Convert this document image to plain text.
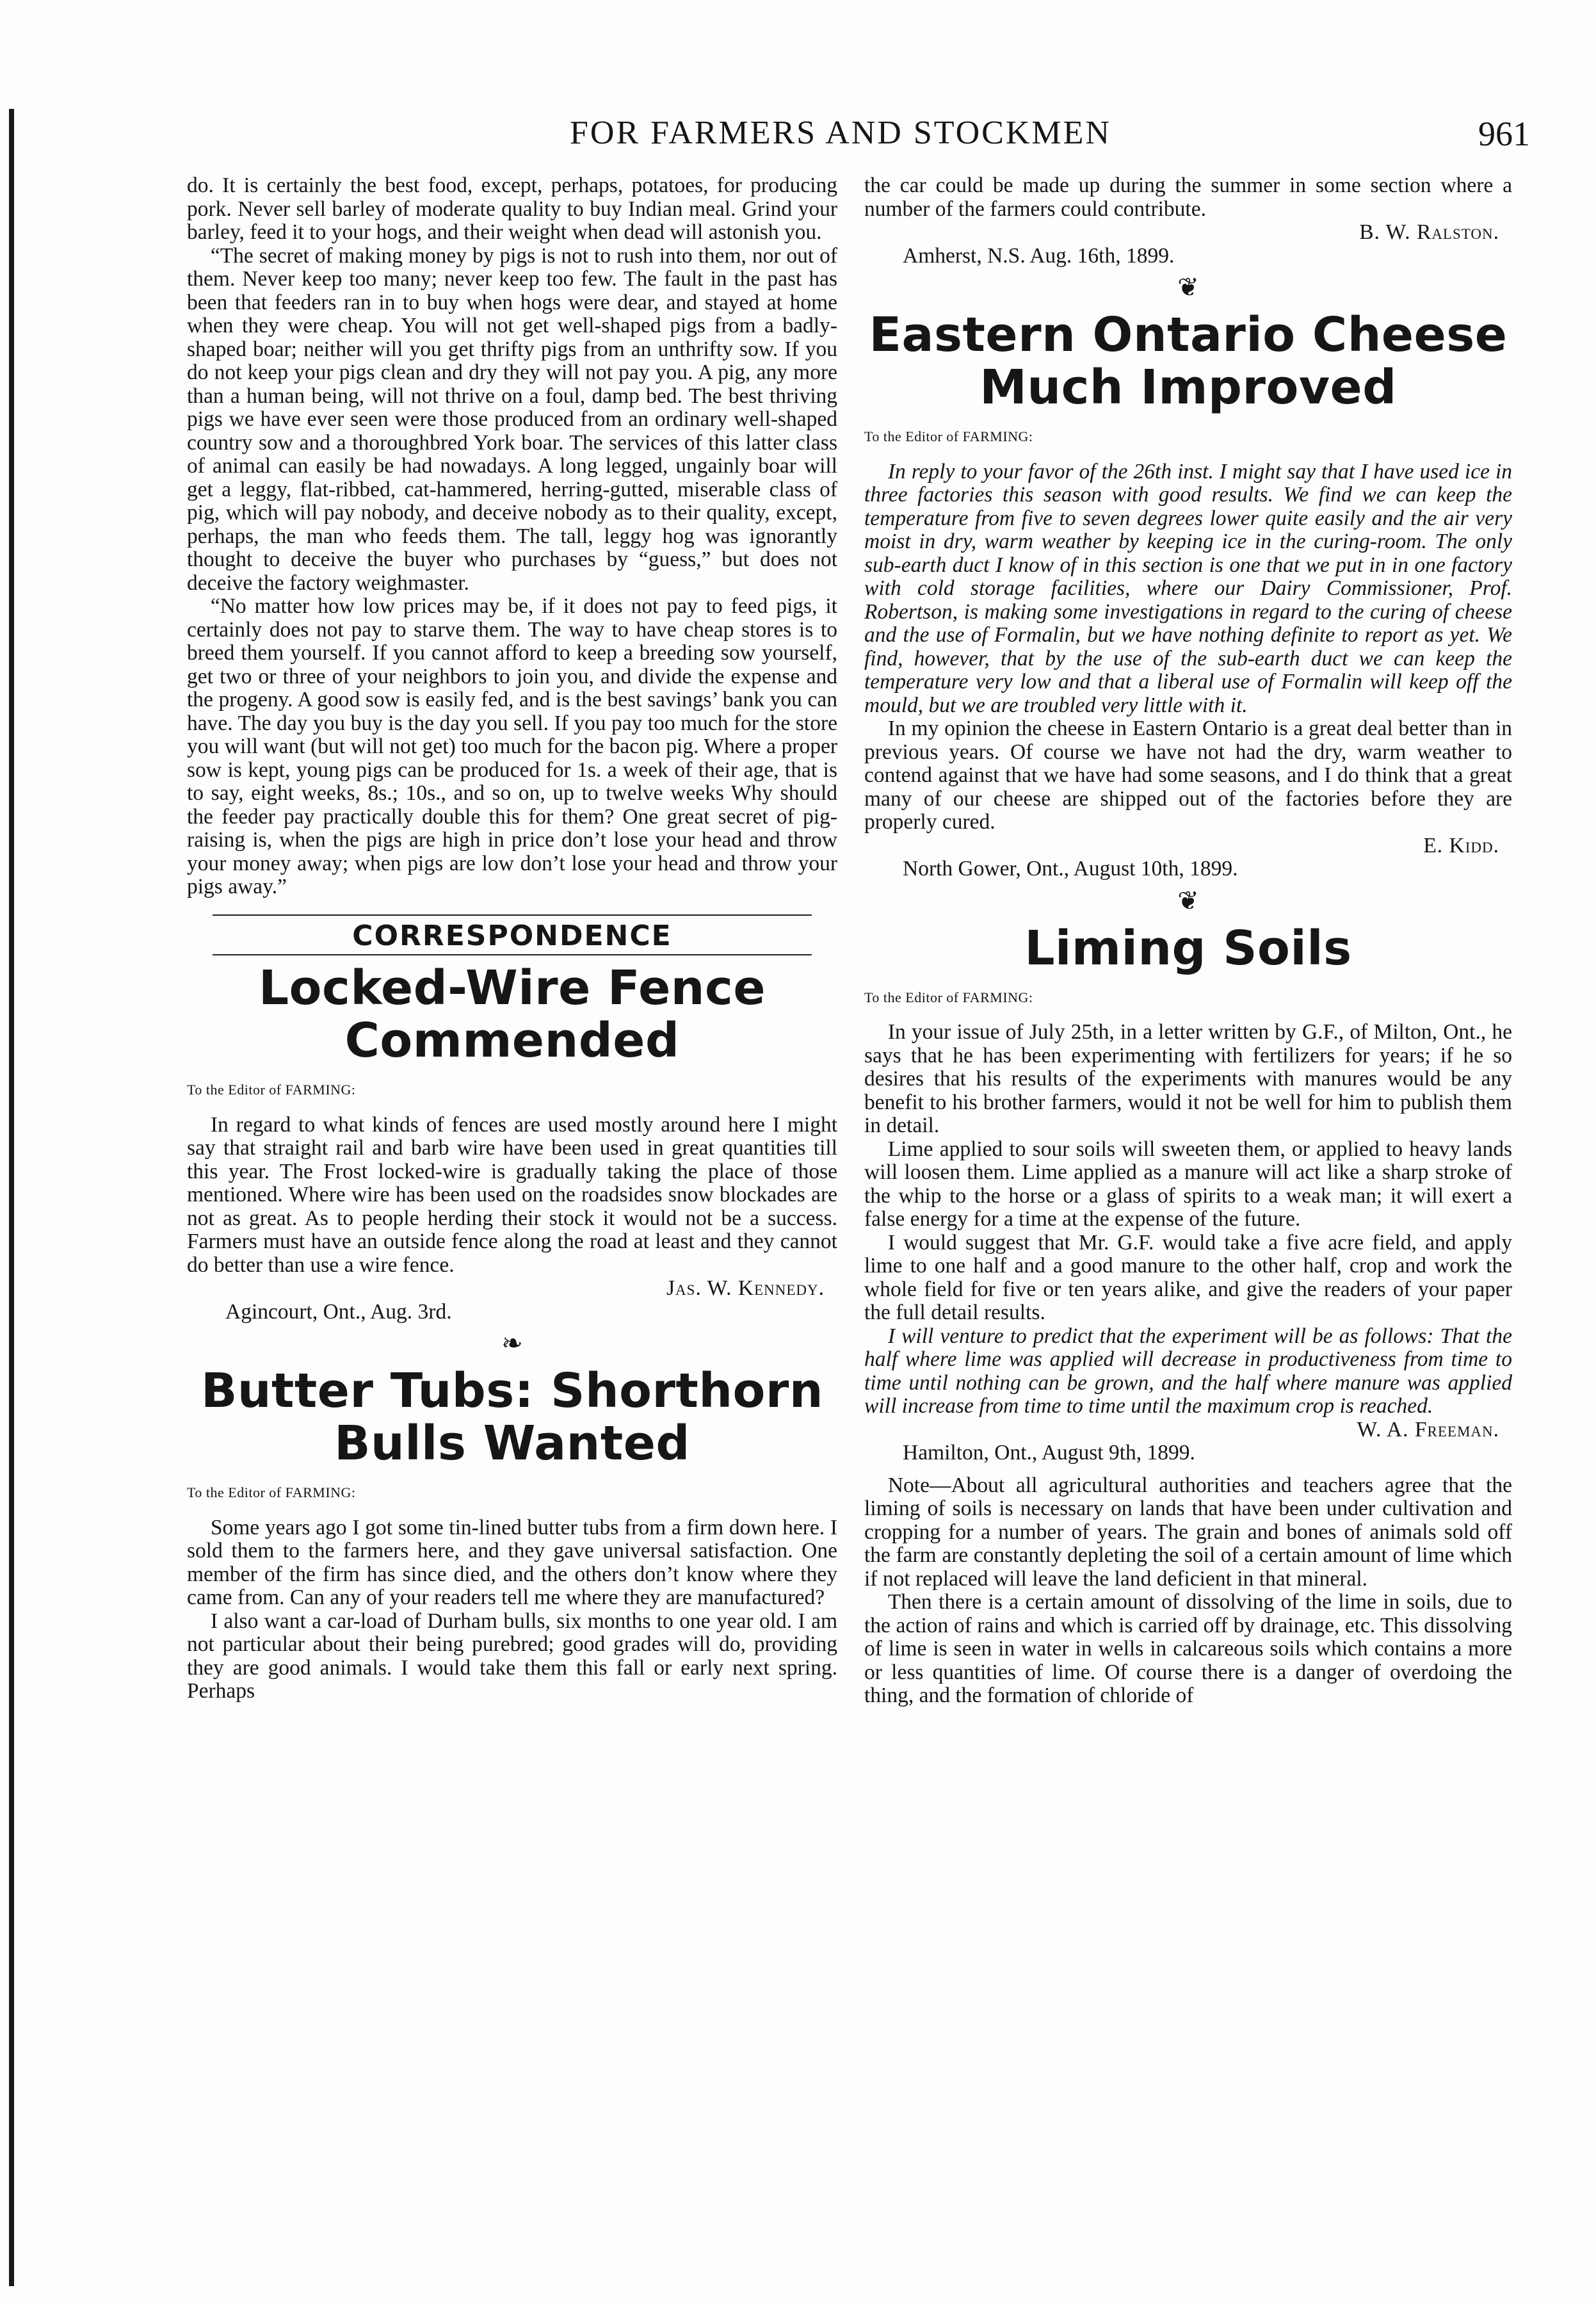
FOR FARMERS AND STOCKMEN	961

do. It is certainly the best food, except, perhaps, potatoes, for producing pork. Never sell barley of moderate quality to buy Indian meal. Grind your barley, feed it to your hogs, and their weight when dead will astonish you.

“The secret of making money by pigs is not to rush into them, nor out of them. Never keep too many; never keep too few. The fault in the past has been that feeders ran in to buy when hogs were dear, and stayed at home when they were cheap. You will not get well-shaped pigs from a badly-shaped boar; neither will you get thrifty pigs from an unthrifty sow. If you do not keep your pigs clean and dry they will not pay you. A pig, any more than a human being, will not thrive on a foul, damp bed. The best thriving pigs we have ever seen were those produced from an ordinary well-shaped country sow and a thoroughbred York boar. The services of this latter class of animal can easily be had nowadays. A long legged, ungainly boar will get a leggy, flat-ribbed, cat-hammered, herring-gutted, miserable class of pig, which will pay nobody, and deceive nobody as to their quality, except, perhaps, the man who feeds them. The tall, leggy hog was ignorantly thought to deceive the buyer who purchases by “guess,” but does not deceive the factory weighmaster.

“No matter how low prices may be, if it does not pay to feed pigs, it certainly does not pay to starve them. The way to have cheap stores is to breed them yourself. If you cannot afford to keep a breeding sow yourself, get two or three of your neighbors to join you, and divide the expense and the progeny. A good sow is easily fed, and is the best savings’ bank you can have. The day you buy is the day you sell. If you pay too much for the store you will want (but will not get) too much for the bacon pig. Where a proper sow is kept, young pigs can be produced for 1s. a week of their age, that is to say, eight weeks, 8s.; 10s., and so on, up to twelve weeks Why should the feeder pay practically double this for them? One great secret of pig-raising is, when the pigs are high in price don’t lose your head and throw your money away; when pigs are low don’t lose your head and throw your pigs away.”

CORRESPONDENCE
Locked-Wire Fence Commended

To the Editor of FARMING:

In regard to what kinds of fences are used mostly around here I might say that straight rail and barb wire have been used in great quantities till this year. The Frost locked-wire is gradually taking the place of those mentioned. Where wire has been used on the roadsides snow blockades are not as great. As to people herding their stock it would not be a success. Farmers must have an outside fence along the road at least and they cannot do better than use a wire fence.

Jas. W. Kennedy.

Agincourt, Ont., Aug. 3rd.

❧
Butter Tubs: Shorthorn Bulls Wanted

To the Editor of FARMING:

Some years ago I got some tin-lined butter tubs from a firm down here. I sold them to the farmers here, and they gave universal satisfaction. One member of the firm has since died, and the others don’t know where they came from. Can any of your readers tell me where they are manufactured?

I also want a car-load of Durham bulls, six months to one year old. I am not particular about their being purebred; good grades will do, providing they are good animals. I would take them this fall or early next spring. Perhaps

the car could be made up during the summer in some section where a number of the farmers could contribute.

B. W. Ralston.

Amherst, N.S. Aug. 16th, 1899.

❦
Eastern Ontario Cheese Much Improved

To the Editor of FARMING:

In reply to your favor of the 26th inst. I might say that I have used ice in three factories this season with good results. We find we can keep the temperature from five to seven degrees lower quite easily and the air very moist in dry, warm weather by keeping ice in the curing-room. The only sub-earth duct I know of in this section is one that we put in in one factory with cold storage facilities, where our Dairy Commissioner, Prof. Robertson, is making some investigations in regard to the curing of cheese and the use of Formalin, but we have nothing definite to report as yet. We find, however, that by the use of the sub-earth duct we can keep the temperature very low and that a liberal use of Formalin will keep off the mould, but we are troubled very little with it.

In my opinion the cheese in Eastern Ontario is a great deal better than in previous years. Of course we have not had the dry, warm weather to contend against that we have had some seasons, and I do think that a great many of our cheese are shipped out of the factories before they are properly cured.

E. Kidd.

North Gower, Ont., August 10th, 1899.

❦
Liming Soils

To the Editor of FARMING:

In your issue of July 25th, in a letter written by G.F., of Milton, Ont., he says that he has been experimenting with fertilizers for years; if he so desires that his results of the experiments with manures would be any benefit to his brother farmers, would it not be well for him to publish them in detail.

Lime applied to sour soils will sweeten them, or applied to heavy lands will loosen them. Lime applied as a manure will act like a sharp stroke of the whip to the horse or a glass of spirits to a weak man; it will exert a false energy for a time at the expense of the future.

I would suggest that Mr. G.F. would take a five acre field, and apply lime to one half and a good manure to the other half, crop and work the whole field for five or ten years alike, and give the readers of your paper the full detail results.

I will venture to predict that the experiment will be as follows: That the half where lime was applied will decrease in productiveness from time to time until nothing can be grown, and the half where manure was applied will increase from time to time until the maximum crop is reached.

W. A. Freeman.

Hamilton, Ont., August 9th, 1899.

Note—About all agricultural authorities and teachers agree that the liming of soils is necessary on lands that have been under cultivation and cropping for a number of years. The grain and bones of animals sold off the farm are constantly depleting the soil of a certain amount of lime which if not replaced will leave the land deficient in that mineral.

Then there is a certain amount of dissolving of the lime in soils, due to the action of rains and which is carried off by drainage, etc. This dissolving of lime is seen in water in wells in calcareous soils which contains a more or less quantities of lime. Of course there is a danger of overdoing the thing, and the formation of chloride of
